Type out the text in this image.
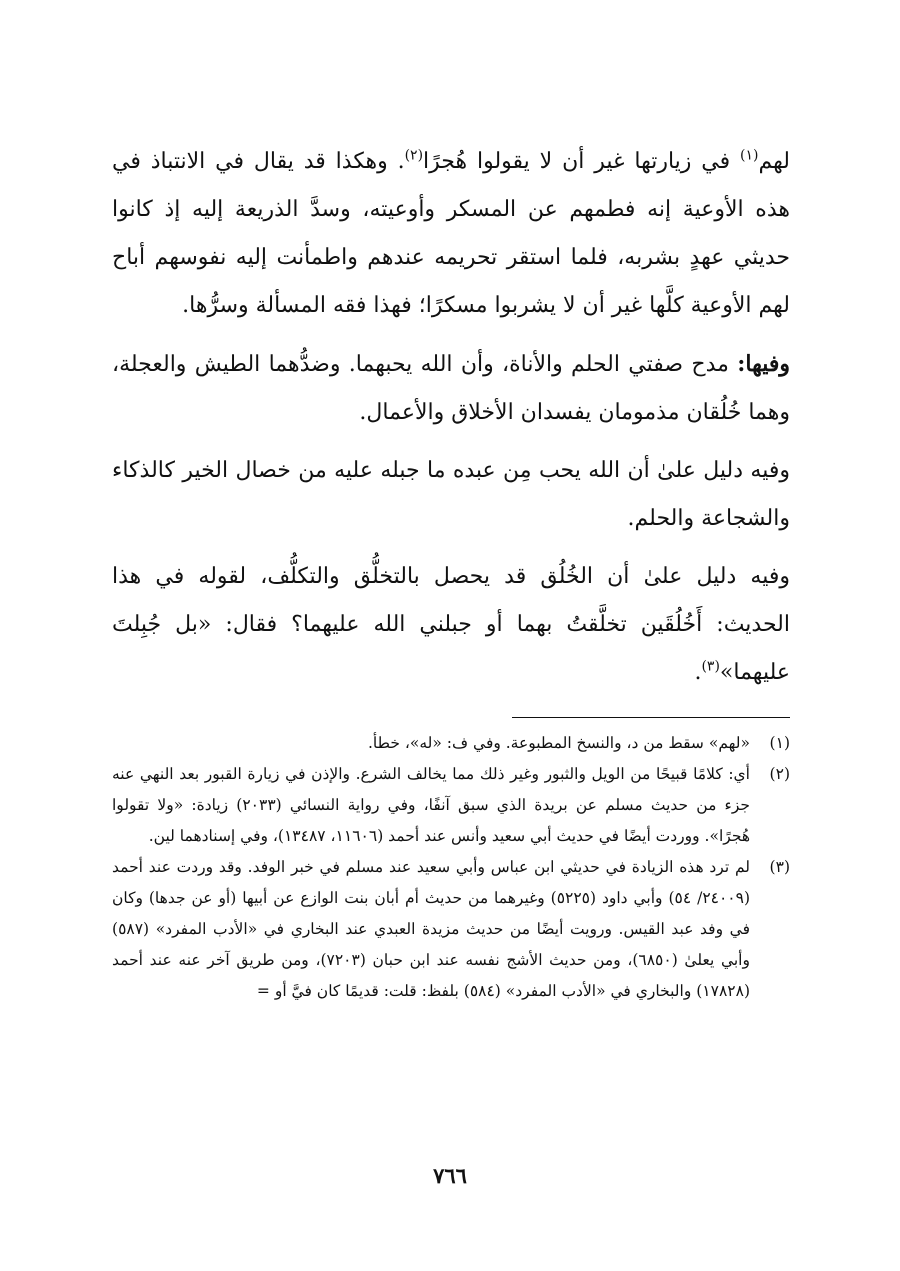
لهم$^{(١)}$ في زيارتها غير أن لا يقولوا هُجرًا$^{(٢)}$. وهكذا قد يقال في الانتباذ في هذه الأوعية إنه فطمهم عن المسكر وأوعيته، وسدَّ الذريعة إليه إذ كانوا حديثي عهدٍ بشربه، فلما استقر تحريمه عندهم واطمأنت إليه نفوسهم أباح لهم الأوعية كلَّها غير أن لا يشربوا مسكرًا؛ فهذا فقه المسألة وسرُّها.

وفيها: مدح صفتي الحلم والأناة، وأن الله يحبهما. وضدُّهما الطيش والعجلة، وهما خُلُقان مذمومان يفسدان الأخلاق والأعمال.

وفيه دليل علىٰ أن الله يحب مِن عبده ما جبله عليه من خصال الخير كالذكاء والشجاعة والحلم.

وفيه دليل علىٰ أن الخُلُق قد يحصل بالتخلُّق والتكلُّف، لقوله في هذا الحديث: أَخُلُقَين تخلَّقتُ بهما أو جبلني الله عليهما؟ فقال: «بل جُبِلتَ عليهما»$^{(٣)}$.

(١)
«لهم» سقط من د، والنسخ المطبوعة. وفي ف: «له»، خطأ.
(٢)
أي: كلامًا قبيحًا من الويل والثبور وغير ذلك مما يخالف الشرع. والإذن في زيارة القبور بعد النهي عنه جزء من حديث مسلم عن بريدة الذي سبق آنفًا، وفي رواية النسائي (٢٠٣٣) زيادة: «ولا تقولوا هُجرًا». ووردت أيضًا في حديث أبي سعيد وأنس عند أحمد (١١٦٠٦، ١٣٤٨٧)، وفي إسنادهما لين.
(٣)
لم ترد هذه الزيادة في حديثي ابن عباس وأبي سعيد عند مسلم في خبر الوفد. وقد وردت عند أحمد (٢٤٠٠٩/ ٥٤) وأبي داود (٥٢٢٥) وغيرهما من حديث أم أبان بنت الوازع عن أبيها (أو عن جدها) وكان في وفد عبد القيس. ورويت أيضًا من حديث مزيدة العبدي عند البخاري في «الأدب المفرد» (٥٨٧) وأبي يعلىٰ (٦٨٥٠)، ومن حديث الأشج نفسه عند ابن حبان (٧٢٠٣)، ومن طريق آخر عنه عند أحمد (١٧٨٢٨) والبخاري في «الأدب المفرد» (٥٨٤) بلفظ: قلت: قديمًا كان فيَّ أو =
٧٦٦
